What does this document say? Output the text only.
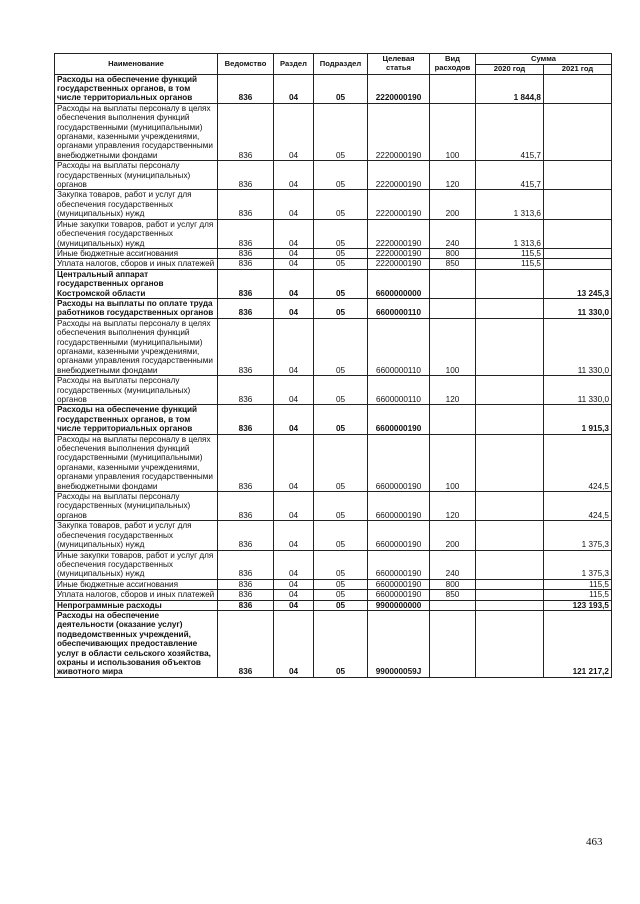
Наименование	Ведомство	Раздел	Подраздел	Целевая статья	Вид расходов	Сумма	
						2020 год	2021 год
Расходы на обеспечение функций государственных органов, в том числе территориальных органов	836	04	05	2220000190		1 844,8	
Расходы на выплаты персоналу в целях обеспечения выполнения функций государственными (муниципальными) органами, казенными учреждениями, органами управления государственными внебюджетными фондами	836	04	05	2220000190	100	415,7	
Расходы на выплаты персоналу государственных (муниципальных) органов	836	04	05	2220000190	120	415,7	
Закупка товаров, работ и услуг для обеспечения государственных (муниципальных) нужд	836	04	05	2220000190	200	1 313,6	
Иные закупки товаров, работ и услуг для обеспечения государственных (муниципальных) нужд	836	04	05	2220000190	240	1 313,6	
Иные бюджетные ассигнования	836	04	05	2220000190	800	115,5	
Уплата налогов, сборов и иных платежей	836	04	05	2220000190	850	115,5	
Центральный аппарат государственных органов Костромской области	836	04	05	6600000000			13 245,3
Расходы на выплаты по оплате труда работников государственных органов	836	04	05	6600000110			11 330,0
Расходы на выплаты персоналу в целях обеспечения выполнения функций государственными (муниципальными) органами, казенными учреждениями, органами управления государственными внебюджетными фондами	836	04	05	6600000110	100		11 330,0
Расходы на выплаты персоналу государственных (муниципальных) органов	836	04	05	6600000110	120		11 330,0
Расходы на обеспечение функций государственных органов, в том числе территориальных органов	836	04	05	6600000190			1 915,3
Расходы на выплаты персоналу в целях обеспечения выполнения функций государственными (муниципальными) органами, казенными учреждениями, органами управления государственными внебюджетными фондами	836	04	05	6600000190	100		424,5
Расходы на выплаты персоналу государственных (муниципальных) органов	836	04	05	6600000190	120		424,5
Закупка товаров, работ и услуг для обеспечения государственных (муниципальных) нужд	836	04	05	6600000190	200		1 375,3
Иные закупки товаров, работ и услуг для обеспечения государственных (муниципальных) нужд	836	04	05	6600000190	240		1 375,3
Иные бюджетные ассигнования	836	04	05	6600000190	800		115,5
Уплата налогов, сборов и иных платежей	836	04	05	6600000190	850		115,5
Непрограммные расходы	836	04	05	9900000000			123 193,5
Расходы на обеспечение деятельности (оказание услуг) подведомственных учреждений, обеспечивающих предоставление услуг в области сельского хозяйства, охраны и использования объектов животного мира	836	04	05	990000059J			121 217,2
463
